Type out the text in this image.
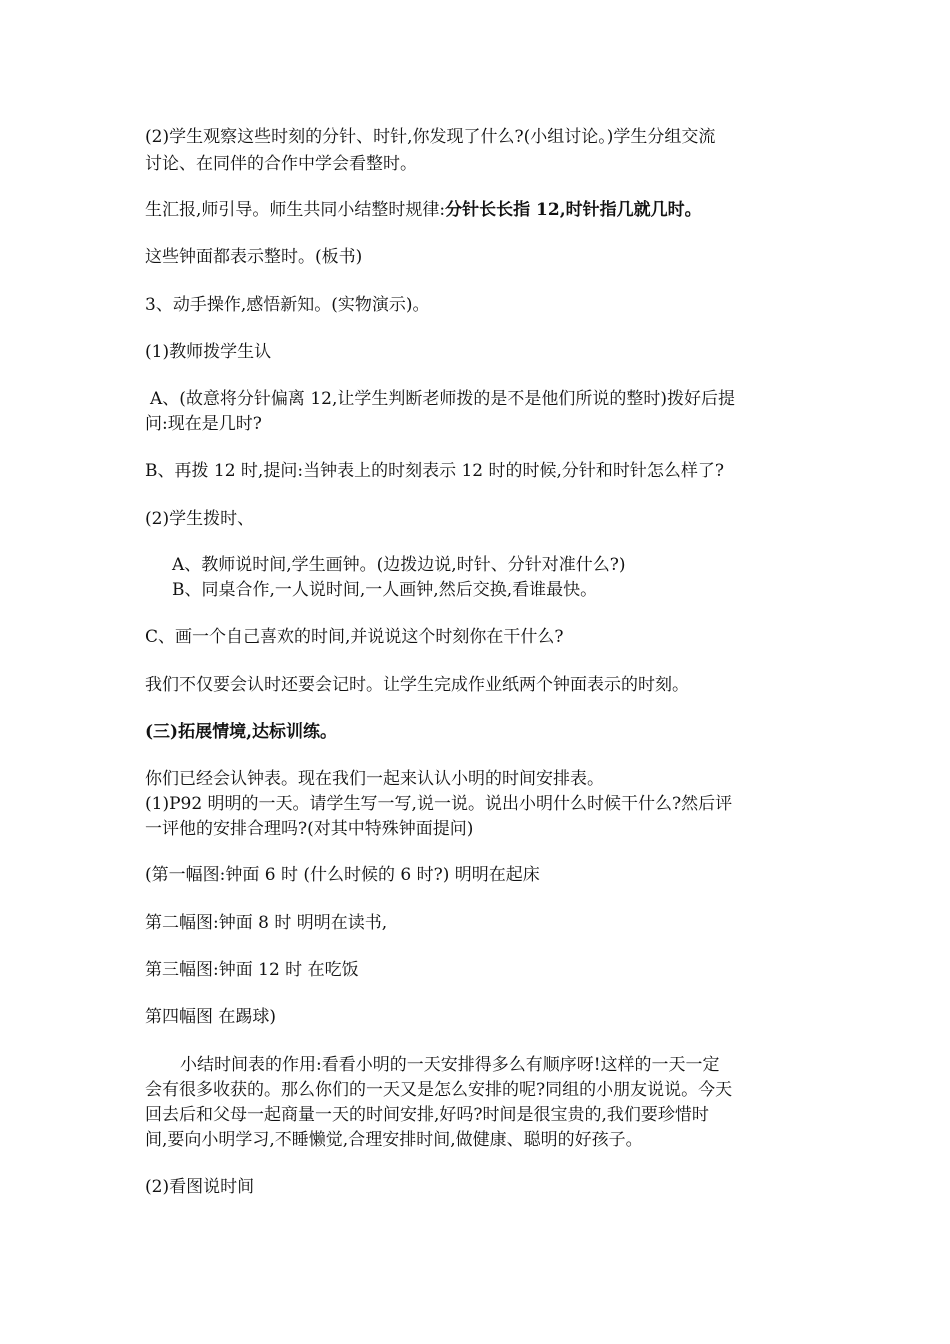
(2)学生观察这些时刻的分针、时针,你发现了什么?(小组讨论。)学生分组交流
讨论、在同伴的合作中学会看整时。
生汇报,师引导。师生共同小结整时规律:分针长长指 12,时针指几就几时。
这些钟面都表示整时。(板书)
3、动手操作,感悟新知。(实物演示)。
(1)教师拨学生认
A、(故意将分针偏离 12,让学生判断老师拨的是不是他们所说的整时)拨好后提
问:现在是几时?
B、再拨 12 时,提问:当钟表上的时刻表示 12 时的时候,分针和时针怎么样了?
(2)学生拨时、
A、教师说时间,学生画钟。(边拨边说,时针、分针对准什么?)
B、同桌合作,一人说时间,一人画钟,然后交换,看谁最快。
C、画一个自己喜欢的时间,并说说这个时刻你在干什么?
我们不仅要会认时还要会记时。让学生完成作业纸两个钟面表示的时刻。
(三)拓展情境,达标训练。
你们已经会认钟表。现在我们一起来认认小明的时间安排表。
(1)P92 明明的一天。请学生写一写,说一说。说出小明什么时候干什么?然后评
一评他的安排合理吗?(对其中特殊钟面提问)
(第一幅图:钟面 6 时 (什么时候的 6 时?) 明明在起床
第二幅图:钟面 8 时 明明在读书,
第三幅图:钟面 12 时 在吃饭
第四幅图 在踢球)
小结时间表的作用:看看小明的一天安排得多么有顺序呀!这样的一天一定
会有很多收获的。那么你们的一天又是怎么安排的呢?同组的小朋友说说。今天
回去后和父母一起商量一天的时间安排,好吗?时间是很宝贵的,我们要珍惜时
间,要向小明学习,不睡懒觉,合理安排时间,做健康、聪明的好孩子。
(2)看图说时间
